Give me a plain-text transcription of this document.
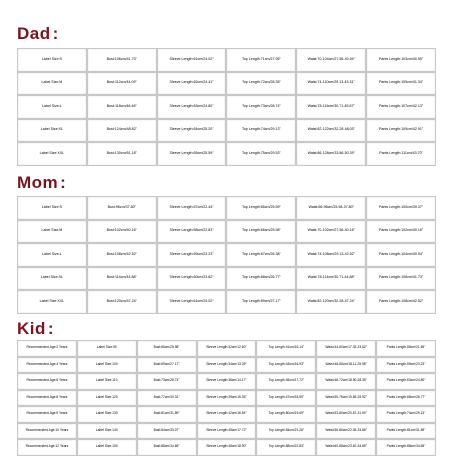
Dad :
Label Size:S	Bust:106cm/41.73"	Sleeve Length:61cm/24.02"	Top Length:71cm/27.95"	Waist:70-104cm/27.56-40.94"	Pants Length:103cm/40.55"
Label Size:M	Bust:112cm/44.09"	Sleeve Length:62cm/24.41"	Top Length:72cm/28.35"	Waist:74-110cm/29.13-43.31"	Pants Length:105cm/41.34"
Label Size:L	Bust:118cm/46.46"	Sleeve Length:63cm/24.80"	Top Length:73cm/28.74"	Waist:78-116cm/30.71-45.67"	Pants Length:107cm/42.13"
Label Size:XL	Bust:124cm/48.82"	Sleeve Length:64cm/25.20"	Top Length:74cm/29.13"	Waist:82-122cm/32.28-48.03"	Pants Length:109cm/42.91"
Label Size:XXL	Bust:130cm/51.18"	Sleeve Length:65cm/25.59"	Top Length:75cm/29.53"	Waist:86-128cm/33.86-50.39"	Pants Length:111cm/43.70"
Mom :
Label Size:S	Bust:96cm/37.80"	Sleeve Length:57cm/22.44"	Top Length:65cm/25.59"	Waist:66-96cm/25.98-37.80"	Pants Length:100cm/39.37"
Label Size:M	Bust:102cm/40.16"	Sleeve Length:58cm/22.83"	Top Length:66cm/25.98"	Waist:70-102cm/27.56-40.16"	Pants Length:102cm/40.16"
Label Size:L	Bust:108cm/42.52"	Sleeve Length:59cm/23.23"	Top Length:67cm/26.38"	Waist:74-108cm/29.13-42.52"	Pants Length:104cm/40.94"
Label Size:XL	Bust:114cm/44.88"	Sleeve Length:60cm/23.62"	Top Length:68cm/26.77"	Waist:78-114cm/30.71-44.88"	Pants Length:106cm/41.73"
Label Size:XXL	Bust:120cm/47.24"	Sleeve Length:61cm/24.02"	Top Length:69cm/27.17"	Waist:82-120cm/32.28-47.24"	Pants Length:108cm/42.52"
Kid :
Recommended Age:2 Years	Label Size:90	Bust:66cm/25.98"	Sleeve Length:32cm/12.60"	Top Length:41cm/16.14"	Waist:44-60cm/17.32-23.62"	Pants Length:55cm/21.65"
Recommended Age:4 Years	Label Size:100	Bust:69cm/27.17"	Sleeve Length:34cm/13.39"	Top Length:43cm/16.93"	Waist:46-66cm/18.11-25.98"	Pants Length:59cm/23.23"
Recommended Age:6 Years	Label Size:110	Bust:73cm/28.74"	Sleeve Length:36cm/14.17"	Top Length:45cm/17.72"	Waist:48-72cm/18.90-28.35"	Pants Length:63cm/24.80"
Recommended Age:8 Years	Label Size:120	Bust:77cm/30.31"	Sleeve Length:39cm/15.35"	Top Length:47cm/18.50"	Waist:50-76cm/19.69-29.92"	Pants Length:68cm/26.77"
Recommended Age:9 Years	Label Size:130	Bust:81cm/31.89"	Sleeve Length:42cm/16.54"	Top Length:50cm/19.69"	Waist:53-80cm/20.87-31.50"	Pants Length:74cm/29.13"
Recommended Age:10 Years	Label Size:140	Bust:84cm/33.07"	Sleeve Length:45cm/17.72"	Top Length:54cm/21.26"	Waist:56-86cm/22.05-33.86"	Pants Length:81cm/31.89"
Recommended Age:12 Years	Label Size:150	Bust:88cm/34.65"	Sleeve Length:48cm/18.90"	Top Length:58cm/22.83"	Waist:60-88cm/23.62-34.65"	Pants Length:88cm/34.65"
